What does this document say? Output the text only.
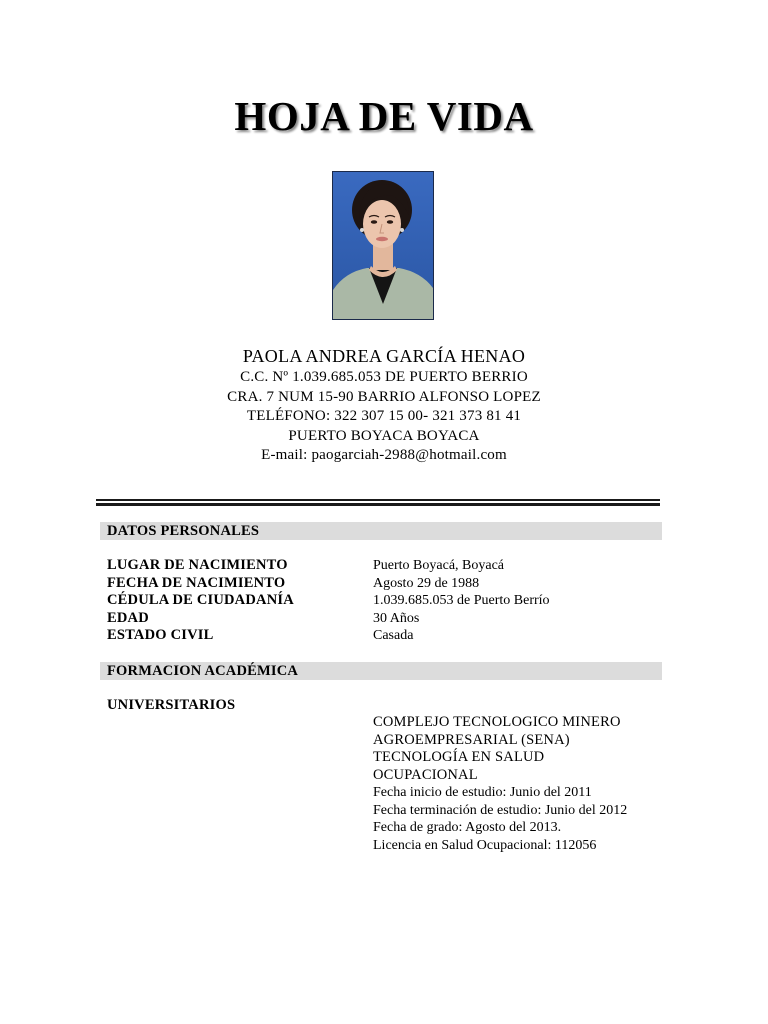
HOJA DE VIDA
PAOLA ANDREA GARCÍA HENAO
C.C. Nº 1.039.685.053 DE PUERTO BERRIO
CRA. 7 NUM 15-90 BARRIO ALFONSO LOPEZ
TELÉFONO: 322 307 15 00- 321 373 81 41
PUERTO BOYACA BOYACA
E-mail: paogarciah-2988@hotmail.com
DATOS PERSONALES
LUGAR DE NACIMIENTO	Puerto Boyacá, Boyacá
FECHA DE NACIMIENTO	Agosto 29 de 1988
CÉDULA DE CIUDADANÍA	1.039.685.053 de Puerto Berrío
EDAD	30 Años
ESTADO CIVIL	Casada
FORMACION ACADÉMICA
UNIVERSITARIOS
COMPLEJO TECNOLOGICO MINERO
AGROEMPRESARIAL (SENA)
TECNOLOGÍA EN SALUD
OCUPACIONAL
Fecha inicio de estudio: Junio del 2011
Fecha terminación de estudio: Junio del 2012
Fecha de grado: Agosto del 2013.
Licencia en Salud Ocupacional: 112056
